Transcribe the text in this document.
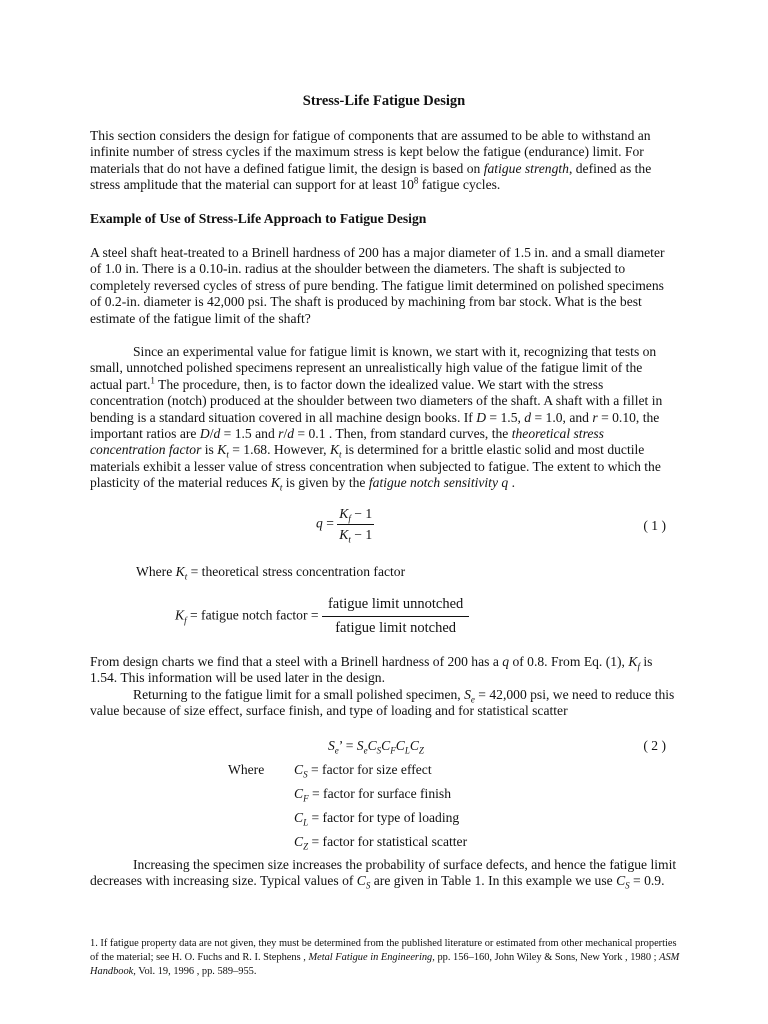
Stress-Life Fatigue Design

This section considers the design for fatigue of components that are assumed to be able to withstand an infinite number of stress cycles if the maximum stress is kept below the fatigue (endurance) limit. For materials that do not have a defined fatigue limit, the design is based on fatigue strength, defined as the stress amplitude that the material can support for at least $10^8$ fatigue cycles.

Example of Use of Stress-Life Approach to Fatigue Design

A steel shaft heat-treated to a Brinell hardness of 200 has a major diameter of 1.5 in. and a small diameter of 1.0 in. There is a 0.10-in. radius at the shoulder between the diameters. The shaft is subjected to completely reversed cycles of stress of pure bending. The fatigue limit determined on polished specimens of 0.2-in. diameter is 42,000 psi. The shaft is produced by machining from bar stock. What is the best estimate of the fatigue limit of the shaft?

Since an experimental value for fatigue limit is known, we start with it, recognizing that tests on small, unnotched polished specimens represent an unrealistically high value of the fatigue limit of the actual part.$^1$ The procedure, then, is to factor down the idealized value. We start with the stress concentration (notch) produced at the shoulder between two diameters of the shaft. A shaft with a fillet in bending is a standard situation covered in all machine design books. If D = 1.5, d = 1.0, and r = 0.10, the important ratios are D/d = 1.5 and r/d = 0.1 . Then, from standard curves, the theoretical stress concentration factor is $K_t = 1.68$. However, $K_t$ is determined for a brittle elastic solid and most ductile materials exhibit a lesser value of stress concentration when subjected to fatigue. The extent to which the plasticity of the material reduces $K_t$ is given by the fatigue notch sensitivity q .

$q = \frac{K_f - 1}{K_t - 1}$	( 1 )
Where $K_t$ = theoretical stress concentration factor
$K_f$ = fatigue notch factor = $\frac{\text{fatigue limit unnotched}}{\text{fatigue limit notched}}$

From design charts we find that a steel with a Brinell hardness of 200 has a q of 0.8. From Eq. (1), $K_f$ is 1.54. This information will be used later in the design.

Returning to the fatigue limit for a small polished specimen, $S_e = 42,000$ psi, we need to reduce this value because of size effect, surface finish, and type of loading and for statistical scatter

$S_e$’ = $S_eC_SC_FC_LC_Z$	( 2 )
Where $C_S$ = factor for size effect
$C_F$ = factor for surface finish
$C_L$ = factor for type of loading
$C_Z$ = factor for statistical scatter

Increasing the specimen size increases the probability of surface defects, and hence the fatigue limit decreases with increasing size. Typical values of $C_S$ are given in Table 1. In this example we use $C_S = 0.9$.

1. If fatigue property data are not given, they must be determined from the published literature or estimated from other mechanical properties of the material; see H. O. Fuchs and R. I. Stephens , Metal Fatigue in Engineering, pp. 156–160, John Wiley & Sons, New York , 1980 ; ASM Handbook, Vol. 19, 1996 , pp. 589–955.
